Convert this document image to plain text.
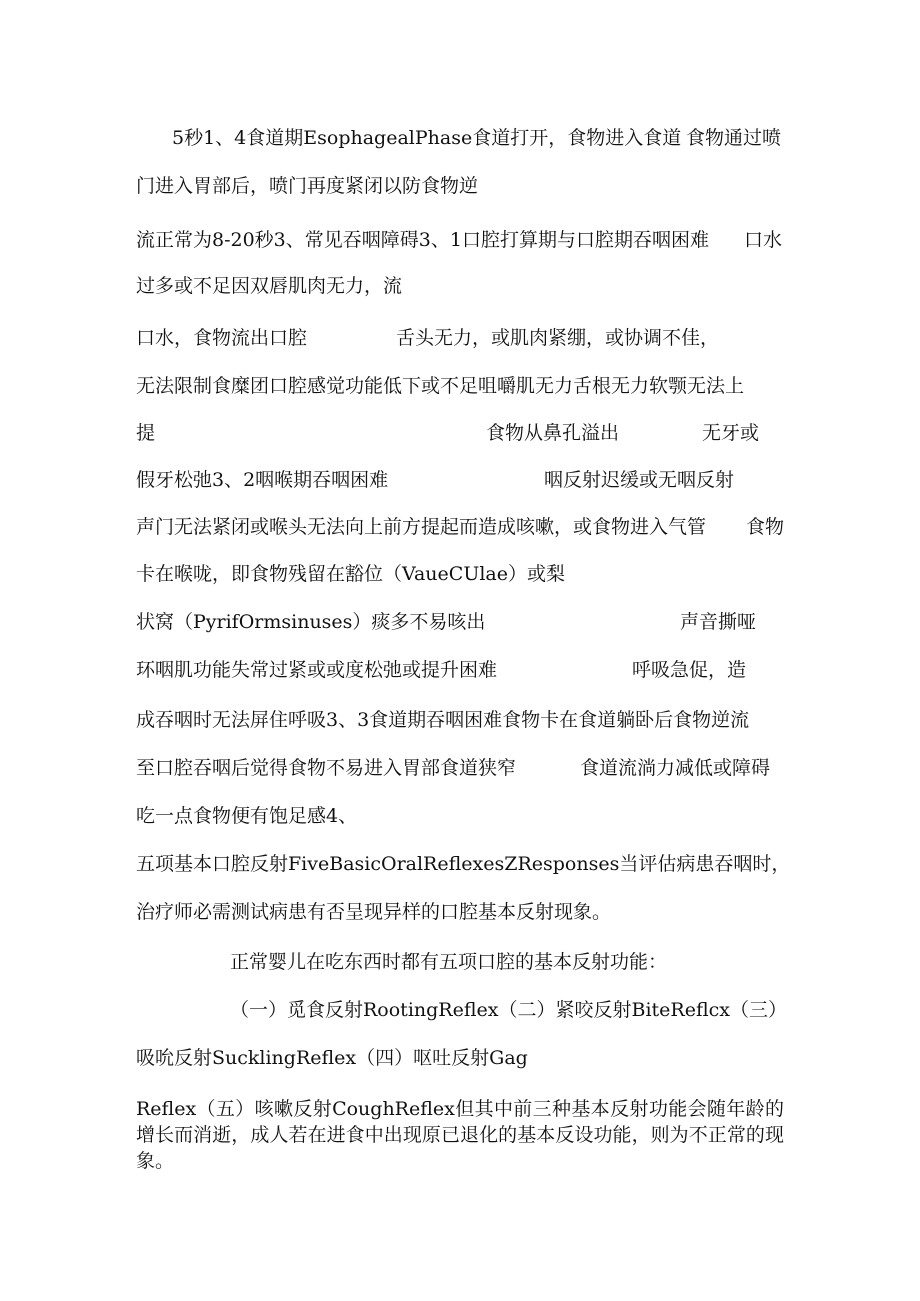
5秒1、4食道期EsophagealPhase食道打开，食物进入食道 食物通过喷
门进入胃部后，喷门再度紧闭以防食物逆
流正常为8-20秒3、常见吞咽障碍3、1口腔打算期与口腔期吞咽困难 口水
过多或不足因双唇肌肉无力，流
口水，食物流出口腔	舌头无力，或肌肉紧绷，或协调不佳，
无法限制食糜团口腔感觉功能低下或不足咀嚼肌无力舌根无力软颚无法上
提	食物从鼻孔溢出	无牙或
假牙松弛3、2咽喉期吞咽困难	咽反射迟缓或无咽反射
声门无法紧闭或喉头无法向上前方提起而造成咳嗽，或食物进入气管 食物
卡在喉咙，即食物残留在豁位（VaueCUlae）或梨
状窝（PyrifOrmsinuses）痰多不易咳出	声音撕哑
环咽肌功能失常过紧或或度松弛或提升困难	呼吸急促，造
成吞咽时无法屏住呼吸3、3食道期吞咽困难食物卡在食道躺卧后食物逆流
至口腔吞咽后觉得食物不易进入胃部食道狭窄	食道流淌力减低或障碍
吃一点食物便有饱足感4、
五项基本口腔反射FiveBasicOralReflexesZResponses当评估病患吞咽时，
治疗师必需测试病患有否呈现异样的口腔基本反射现象。
正常婴儿在吃东西时都有五项口腔的基本反射功能：
（一）觅食反射RootingReflex（二）紧咬反射BiteReflcx（三）
吸吮反射SucklingReflex（四）呕吐反射Gag
Reflex（五）咳嗽反射CoughReflex但其中前三种基本反射功能会随年龄的增长而消逝，成人若在进食中出现原已退化的基本反设功能，则为不正常的现象。
